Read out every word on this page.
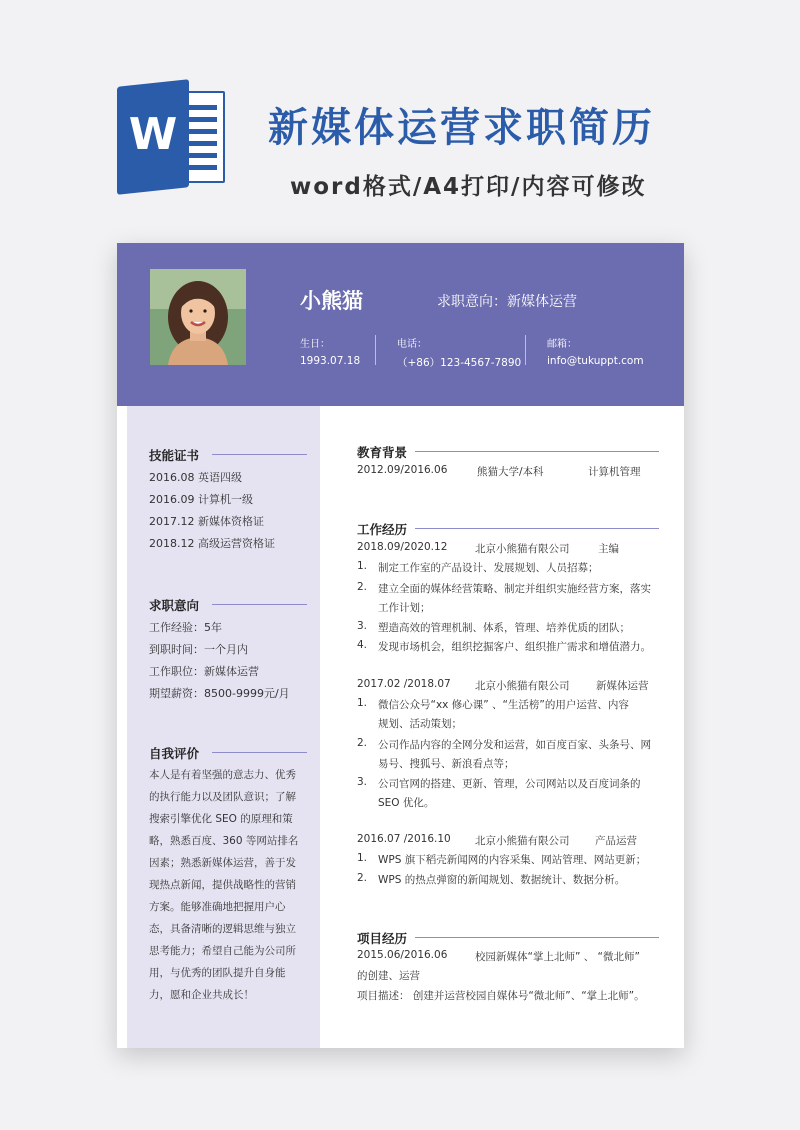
W 新媒体运营求职简历
word格式/A4打印/内容可修改
小熊猫	求职意向：新媒体运营
生日：
1993.07.18
电话：
（+86）123-4567-7890
邮箱：
info@tukuppt.com
技能证书
2016.08 英语四级
2016.09 计算机一级
2017.12 新媒体资格证
2018.12 高级运营资格证
求职意向
工作经验：5年
到职时间：一个月内
工作职位：新媒体运营
期望薪资：8500-9999元/月
自我评价
本人是有着坚强的意志力、优秀
的执行能力以及团队意识；了解
搜索引擎优化 SEO 的原理和策
略，熟悉百度、360 等网站排名
因素；熟悉新媒体运营，善于发
现热点新闻，提供战略性的营销
方案。能够准确地把握用户心
态，具备清晰的逻辑思维与独立
思考能力；希望自己能为公司所
用，与优秀的团队提升自身能
力，愿和企业共成长！
教育背景
2012.09/2016.06	熊猫大学/本科	计算机管理
工作经历
2018.09/2020.12	北京小熊猫有限公司	主编
1. 制定工作室的产品设计、发展规划、人员招募；
2. 建立全面的媒体经营策略、制定并组织实施经营方案，落实
工作计划；
3. 塑造高效的管理机制、体系，管理、培养优质的团队；
4. 发现市场机会，组织挖掘客户、组织推广需求和增值潜力。
2017.02 /2018.07 北京小熊猫有限公司	新媒体运营
1. 微信公众号“xx 修心课” 、“生活榜”的用户运营、内容
规划、活动策划；
2. 公司作品内容的全网分发和运营，如百度百家、头条号、网
易号、搜狐号、新浪看点等；
3. 公司官网的搭建、更新、管理，公司网站以及百度词条的
SEO 优化。
2016.07 /2016.10 北京小熊猫有限公司 产品运营
1. WPS 旗下稻壳新闻网的内容采集、网站管理、网站更新；
2. WPS 的热点弹窗的新闻规划、数据统计、数据分析。
项目经历
2015.06/2016.06	校园新媒体“掌上北师” 、 “微北师”
的创建、运营
项目描述： 创建并运营校园自媒体号“微北师”、“掌上北师”。
